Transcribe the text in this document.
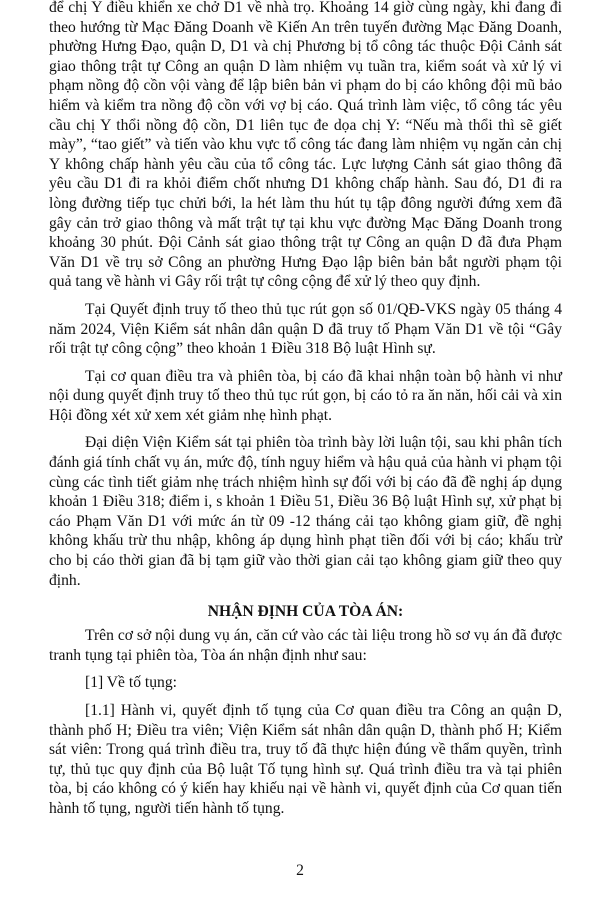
để chị Y điều khiển xe chở D1 về nhà trọ. Khoảng 14 giờ cùng ngày, khi đang đi theo hướng từ Mạc Đăng Doanh về Kiến An trên tuyến đường Mạc Đăng Doanh, phường Hưng Đạo, quận D, D1 và chị Phương bị tổ công tác thuộc Đội Cảnh sát giao thông trật tự Công an quận D làm nhiệm vụ tuần tra, kiểm soát và xử lý vi phạm nồng độ cồn vội vàng để lập biên bản vi phạm do bị cáo không đội mũ bảo hiểm và kiểm tra nồng độ cồn với vợ bị cáo. Quá trình làm việc, tổ công tác yêu cầu chị Y thổi nồng độ cồn, D1 liên tục đe dọa chị Y: “Nếu mà thổi thì sẽ giết mày”, “tao giết” và tiến vào khu vực tổ công tác đang làm nhiệm vụ ngăn cản chị Y không chấp hành yêu cầu của tổ công tác. Lực lượng Cảnh sát giao thông đã yêu cầu D1 đi ra khỏi điểm chốt nhưng D1 không chấp hành. Sau đó, D1 đi ra lòng đường tiếp tục chửi bới, la hét làm thu hút tụ tập đông người đứng xem đã gây cản trở giao thông và mất trật tự tại khu vực đường Mạc Đăng Doanh trong khoảng 30 phút. Đội Cảnh sát giao thông trật tự Công an quận D đã đưa Phạm Văn D1 về trụ sở Công an phường Hưng Đạo lập biên bản bắt người phạm tội quả tang về hành vi Gây rối trật tự công cộng để xử lý theo quy định.

Tại Quyết định truy tố theo thủ tục rút gọn số 01/QĐ-VKS ngày 05 tháng 4 năm 2024, Viện Kiểm sát nhân dân quận D đã truy tố Phạm Văn D1 về tội “Gây rối trật tự công cộng” theo khoản 1 Điều 318 Bộ luật Hình sự.

Tại cơ quan điều tra và phiên tòa, bị cáo đã khai nhận toàn bộ hành vi như nội dung quyết định truy tố theo thủ tục rút gọn, bị cáo tỏ ra ăn năn, hối cải và xin Hội đồng xét xử xem xét giảm nhẹ hình phạt.

Đại diện Viện Kiểm sát tại phiên tòa trình bày lời luận tội, sau khi phân tích đánh giá tính chất vụ án, mức độ, tính nguy hiểm và hậu quả của hành vi phạm tội cùng các tình tiết giảm nhẹ trách nhiệm hình sự đối với bị cáo đã đề nghị áp dụng khoản 1 Điều 318; điểm i, s khoản 1 Điều 51, Điều 36 Bộ luật Hình sự, xử phạt bị cáo Phạm Văn D1 với mức án từ 09 -12 tháng cải tạo không giam giữ, đề nghị không khấu trừ thu nhập, không áp dụng hình phạt tiền đối với bị cáo; khấu trừ cho bị cáo thời gian đã bị tạm giữ vào thời gian cải tạo không giam giữ theo quy định.

NHẬN ĐỊNH CỦA TÒA ÁN:

Trên cơ sở nội dung vụ án, căn cứ vào các tài liệu trong hồ sơ vụ án đã được tranh tụng tại phiên tòa, Tòa án nhận định như sau:

[1] Về tố tụng:

[1.1] Hành vi, quyết định tố tụng của Cơ quan điều tra Công an quận D, thành phố H; Điều tra viên; Viện Kiểm sát nhân dân quận D, thành phố H; Kiểm sát viên: Trong quá trình điều tra, truy tố đã thực hiện đúng về thẩm quyền, trình tự, thủ tục quy định của Bộ luật Tố tụng hình sự. Quá trình điều tra và tại phiên tòa, bị cáo không có ý kiến hay khiếu nại về hành vi, quyết định của Cơ quan tiến hành tố tụng, người tiến hành tố tụng.

2
